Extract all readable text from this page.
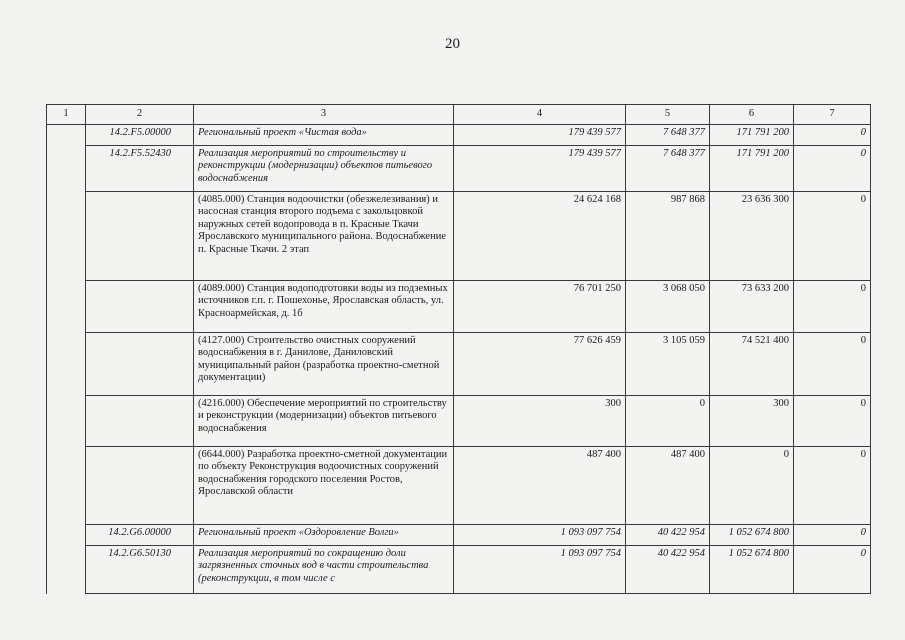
20
1	2	3	4	5	6	7
	14.2.F5.00000	Региональный проект «Чистая вода»	179 439 577	7 648 377	171 791 200	0
	14.2.F5.52430	Реализация мероприятий по строительству и реконструкции (модернизации) объектов питьевого водоснабжения	179 439 577	7 648 377	171 791 200	0
		(4085.000) Станция водоочистки (обезжелезивания) и насосная станция второго подъема с закольцовкой наружных сетей водопровода в п. Красные Ткачи Ярославского муниципального района. Водоснабжение п. Красные Ткачи. 2 этап	24 624 168	987 868	23 636 300	0
		(4089.000) Станция водоподготовки воды из подземных источников г.п. г. Пошехонье, Ярославская область, ул. Красноармейская, д. 1б	76 701 250	3 068 050	73 633 200	0
		(4127.000) Строительство очистных сооружений водоснабжения в г. Данилове, Даниловский муниципальный район (разработка проектно-сметной документации)	77 626 459	3 105 059	74 521 400	0
		(4216.000) Обеспечение мероприятий по строительству и реконструкции (модернизации) объектов питьевого водоснабжения	300	0	300	0
		(6644.000) Разработка проектно-сметной документации по объекту Реконструкция водоочистных сооружений водоснабжения городского поселения Ростов, Ярославской области	487 400	487 400	0	0
	14.2.G6.00000	Региональный проект «Оздоровление Волги»	1 093 097 754	40 422 954	1 052 674 800	0
	14.2.G6.50130	Реализация мероприятий по сокращению доли загрязненных сточных вод в части строительства (реконструкции, в том числе с	1 093 097 754	40 422 954	1 052 674 800	0
